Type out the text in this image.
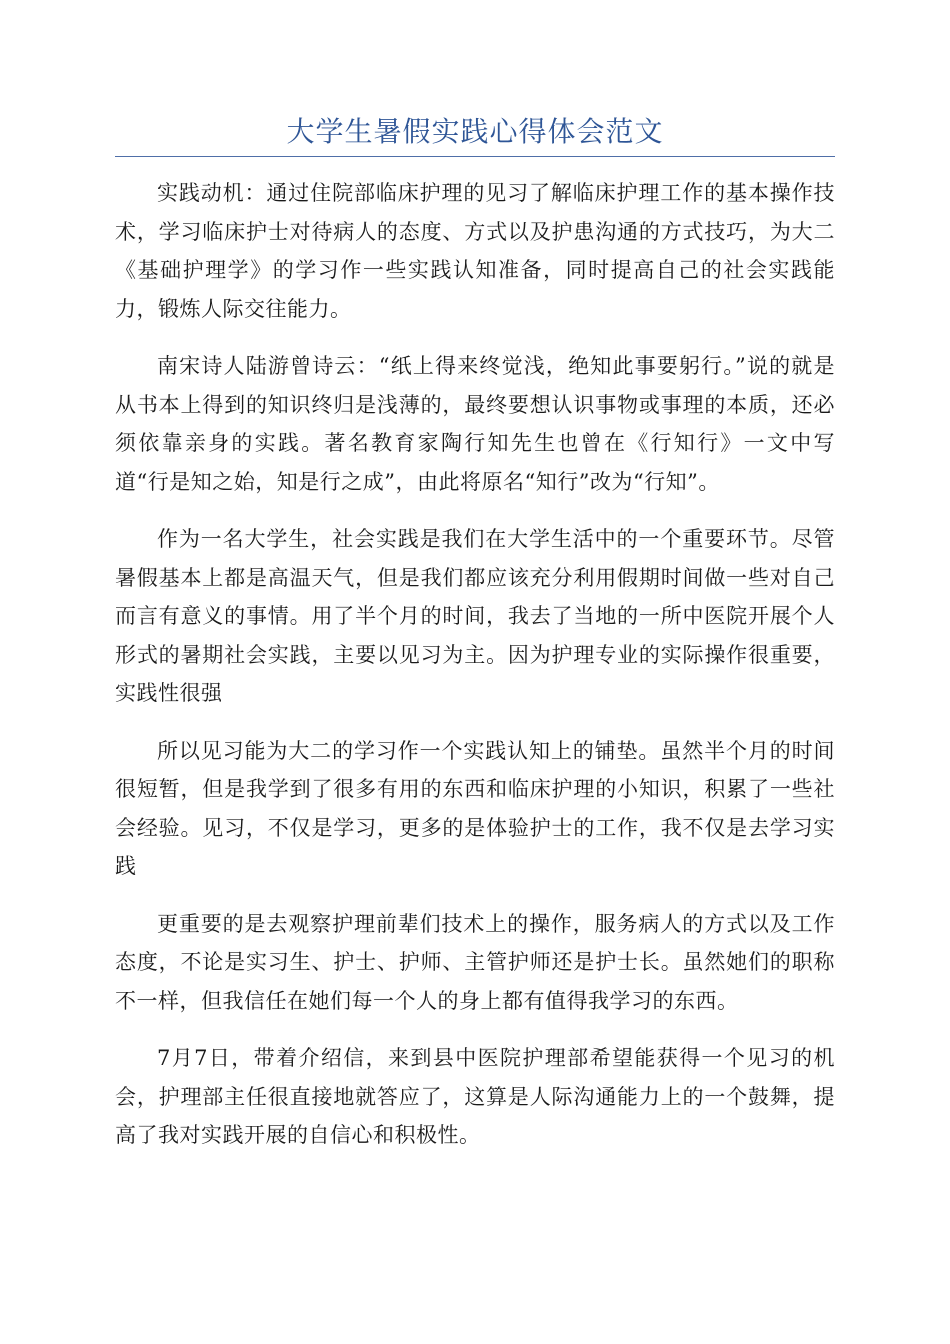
大学生暑假实践心得体会范文

实践动机：通过住院部临床护理的见习了解临床护理工作的基本操作技术，学习临床护士对待病人的态度、方式以及护患沟通的方式技巧，为大二《基础护理学》的学习作一些实践认知准备，同时提高自己的社会实践能力，锻炼人际交往能力。

南宋诗人陆游曾诗云：“纸上得来终觉浅，绝知此事要躬行。”说的就是从书本上得到的知识终归是浅薄的，最终要想认识事物或事理的本质，还必须依靠亲身的实践。著名教育家陶行知先生也曾在《行知行》一文中写道“行是知之始，知是行之成”，由此将原名“知行”改为“行知”。

作为一名大学生，社会实践是我们在大学生活中的一个重要环节。尽管暑假基本上都是高温天气，但是我们都应该充分利用假期时间做一些对自己而言有意义的事情。用了半个月的时间，我去了当地的一所中医院开展个人形式的暑期社会实践，主要以见习为主。因为护理专业的实际操作很重要，实践性很强

所以见习能为大二的学习作一个实践认知上的铺垫。虽然半个月的时间很短暂，但是我学到了很多有用的东西和临床护理的小知识，积累了一些社会经验。见习，不仅是学习，更多的是体验护士的工作，我不仅是去学习实践

更重要的是去观察护理前辈们技术上的操作，服务病人的方式以及工作态度，不论是实习生、护士、护师、主管护师还是护士长。虽然她们的职称不一样，但我信任在她们每一个人的身上都有值得我学习的东西。

7月7日，带着介绍信，来到县中医院护理部希望能获得一个见习的机会，护理部主任很直接地就答应了，这算是人际沟通能力上的一个鼓舞，提高了我对实践开展的自信心和积极性。
